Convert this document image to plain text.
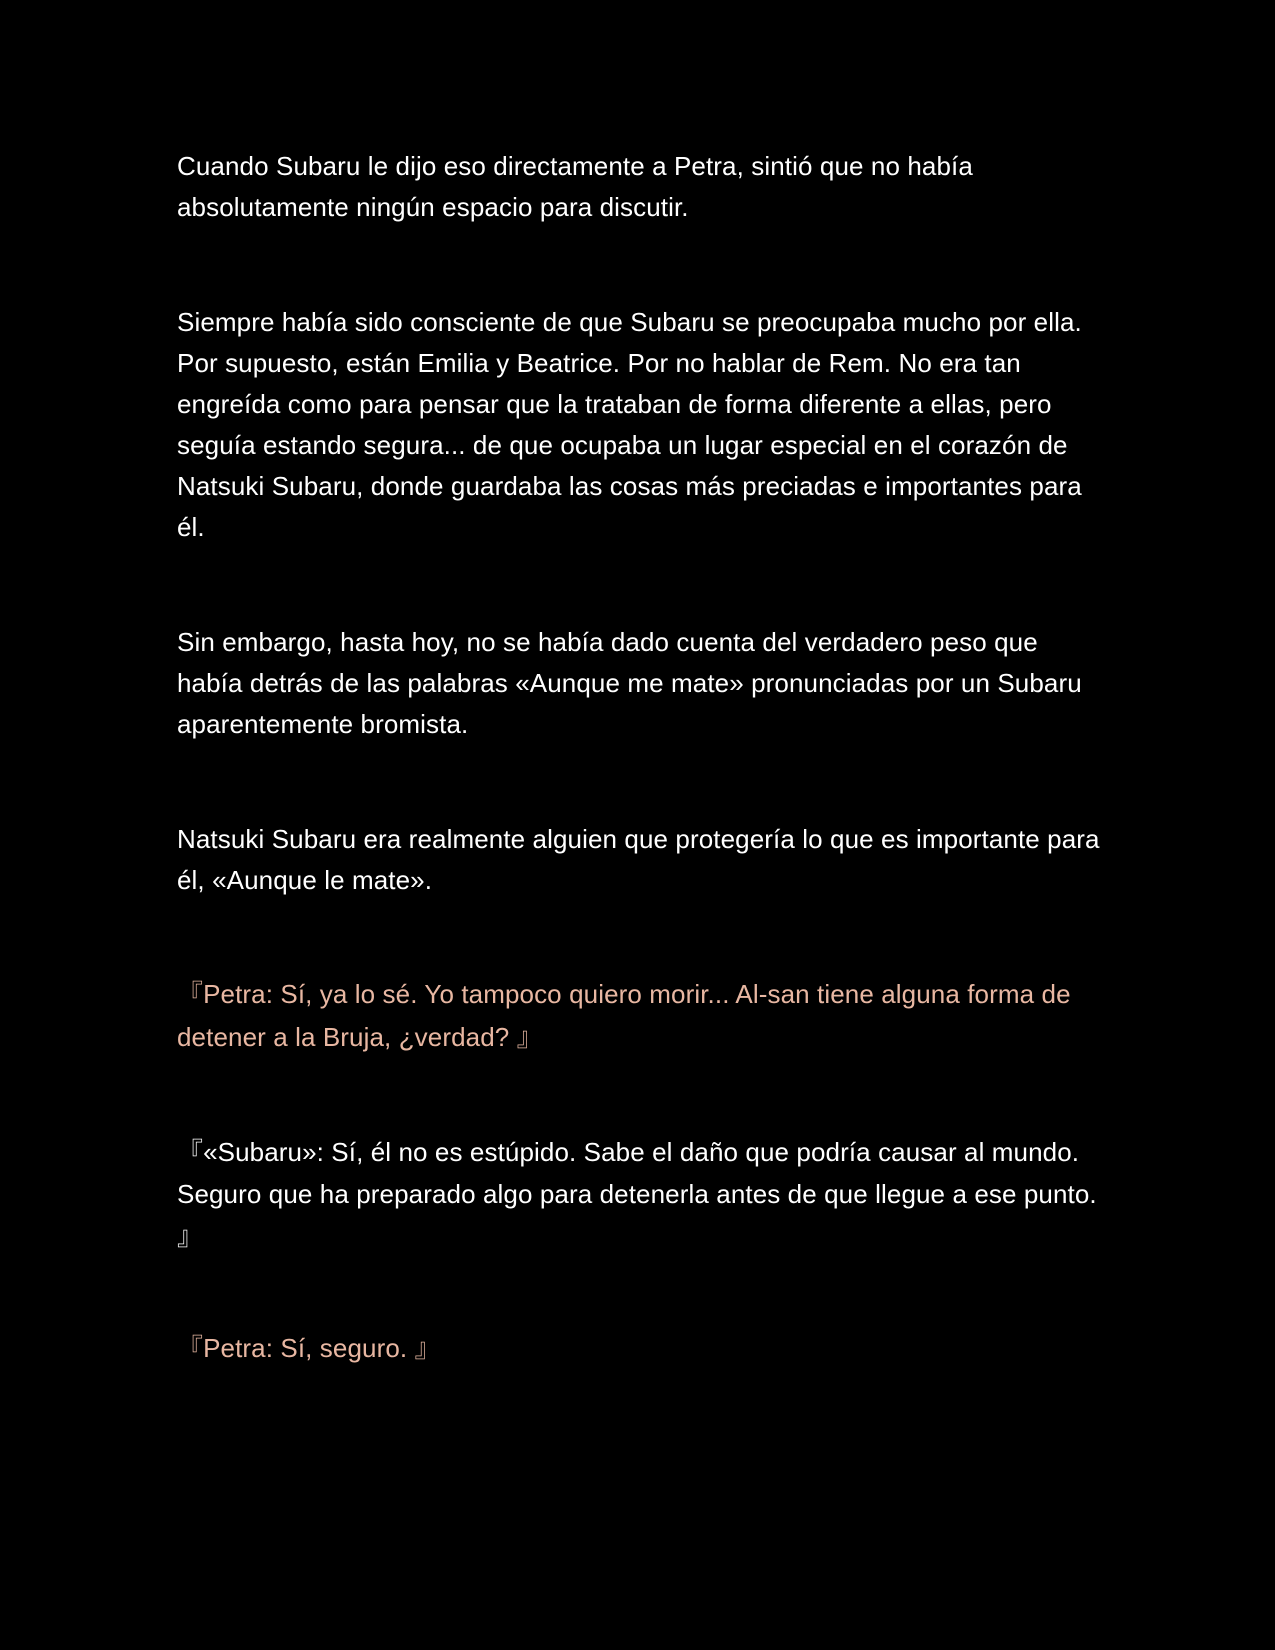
Cuando Subaru le dijo eso directamente a Petra, sintió que no había absolutamente ningún espacio para discutir.

Siempre había sido consciente de que Subaru se preocupaba mucho por ella. Por supuesto, están Emilia y Beatrice. Por no hablar de Rem. No era tan engreída como para pensar que la trataban de forma diferente a ellas, pero seguía estando segura... de que ocupaba un lugar especial en el corazón de Natsuki Subaru, donde guardaba las cosas más preciadas e importantes para él.

Sin embargo, hasta hoy, no se había dado cuenta del verdadero peso que había detrás de las palabras «Aunque me mate» pronunciadas por un Subaru aparentemente bromista.

Natsuki Subaru era realmente alguien que protegería lo que es importante para él, «Aunque le mate».

『Petra: Sí, ya lo sé. Yo tampoco quiero morir... Al-san tiene alguna forma de detener a la Bruja, ¿verdad? 』

『«Subaru»: Sí, él no es estúpido. Sabe el daño que podría causar al mundo. Seguro que ha preparado algo para detenerla antes de que llegue a ese punto. 』

『Petra: Sí, seguro. 』
